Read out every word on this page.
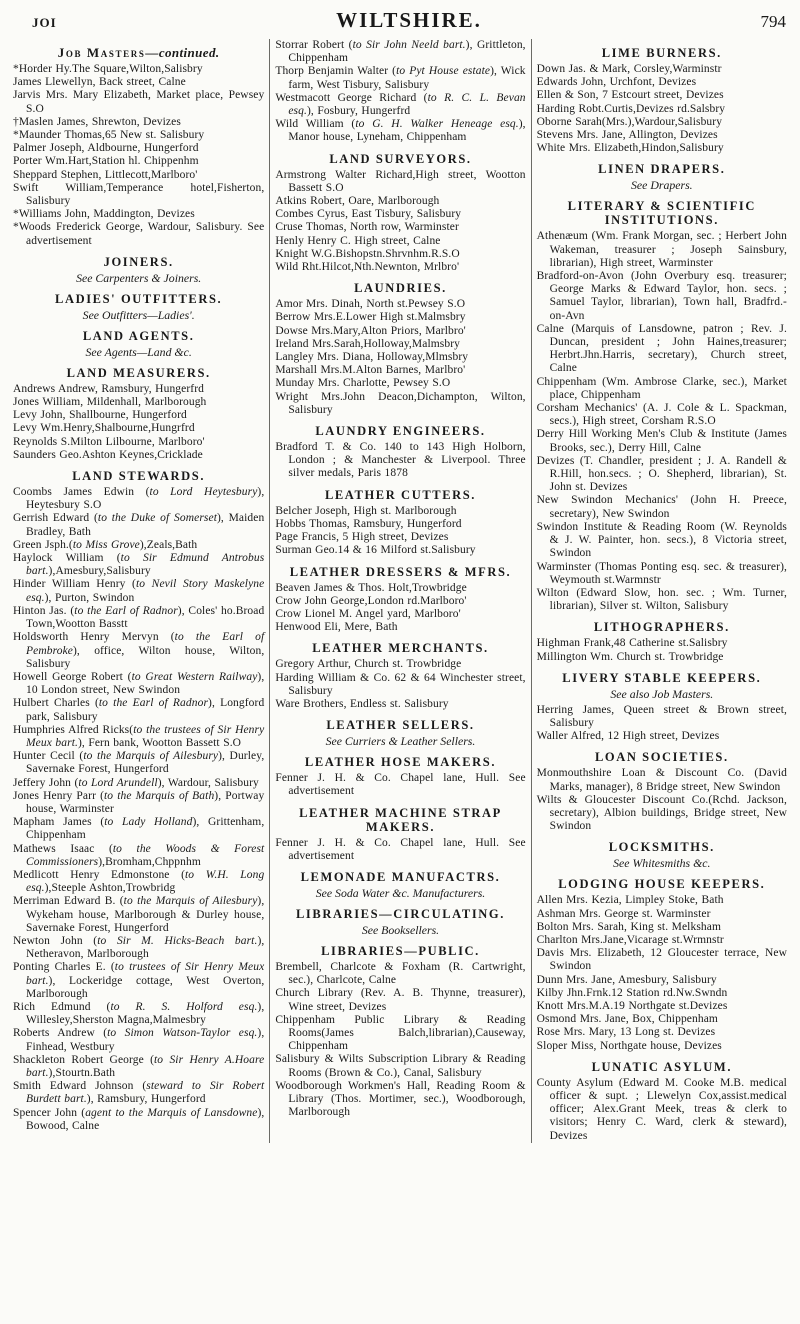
JOI	WILTSHIRE.	794
Job Masters—continued.

*Horder Hy.The Square,Wilton,Salisbry

James Llewellyn, Back street, Calne

Jarvis Mrs. Mary Elizabeth, Market place, Pewsey S.O

†Maslen James, Shrewton, Devizes

*Maunder Thomas,65 New st. Salisbury

Palmer Joseph, Aldbourne, Hungerford

Porter Wm.Hart,Station hl. Chippenhm

Sheppard Stephen, Littlecott,Marlboro'

Swift William,Temperance hotel,Fisherton, Salisbury

*Williams John, Maddington, Devizes

*Woods Frederick George, Wardour, Salisbury. See advertisement

JOINERS.
See Carpenters & Joiners.
LADIES' OUTFITTERS.
See Outfitters—Ladies'.
LAND AGENTS.
See Agents—Land &c.
LAND MEASURERS.

Andrews Andrew, Ramsbury, Hungerfrd

Jones William, Mildenhall, Marlborough

Levy John, Shallbourne, Hungerford

Levy Wm.Henry,Shalbourne,Hungrfrd

Reynolds S.Milton Lilbourne, Marlboro'

Saunders Geo.Ashton Keynes,Cricklade

LAND STEWARDS.

Coombs James Edwin (to Lord Heytesbury), Heytesbury S.O

Gerrish Edward (to the Duke of Somerset), Maiden Bradley, Bath

Green Jsph.(to Miss Grove),Zeals,Bath

Haylock William (to Sir Edmund Antrobus bart.),Amesbury,Salisbury

Hinder William Henry (to Nevil Story Maskelyne esq.), Purton, Swindon

Hinton Jas. (to the Earl of Radnor), Coles' ho.Broad Town,Wootton Basstt

Holdsworth Henry Mervyn (to the Earl of Pembroke), office, Wilton house, Wilton, Salisbury

Howell George Robert (to Great Western Railway), 10 London street, New Swindon

Hulbert Charles (to the Earl of Radnor), Longford park, Salisbury

Humphries Alfred Ricks(to the trustees of Sir Henry Meux bart.), Fern bank, Wootton Bassett S.O

Hunter Cecil (to the Marquis of Ailesbury), Durley, Savernake Forest, Hungerford

Jeffery John (to Lord Arundell), Wardour, Salisbury

Jones Henry Parr (to the Marquis of Bath), Portway house, Warminster

Mapham James (to Lady Holland), Grittenham, Chippenham

Mathews Isaac (to the Woods & Forest Commissioners),Bromham,Chppnhm

Medlicott Henry Edmonstone (to W.H. Long esq.),Steeple Ashton,Trowbridg

Merriman Edward B. (to the Marquis of Ailesbury), Wykeham house, Marlborough & Durley house, Savernake Forest, Hungerford

Newton John (to Sir M. Hicks-Beach bart.), Netheravon, Marlborough

Ponting Charles E. (to trustees of Sir Henry Meux bart.), Lockeridge cottage, West Overton, Marlborough

Rich Edmund (to R. S. Holford esq.), Willesley,Sherston Magna,Malmesbry

Roberts Andrew (to Simon Watson-Taylor esq.), Finhead, Westbury

Shackleton Robert George (to Sir Henry A.Hoare bart.),Stourtn.Bath

Smith Edward Johnson (steward to Sir Robert Burdett bart.), Ramsbury, Hungerford

Spencer John (agent to the Marquis of Lansdowne), Bowood, Calne

Storrar Robert (to Sir John Neeld bart.), Grittleton, Chippenham

Thorp Benjamin Walter (to Pyt House estate), Wick farm, West Tisbury, Salisbury

Westmacott George Richard (to R. C. L. Bevan esq.), Fosbury, Hungerfrd

Wild William (to G. H. Walker Heneage esq.), Manor house, Lyneham, Chippenham

LAND SURVEYORS.

Armstrong Walter Richard,High street, Wootton Bassett S.O

Atkins Robert, Oare, Marlborough

Combes Cyrus, East Tisbury, Salisbury

Cruse Thomas, North row, Warminster

Henly Henry C. High street, Calne

Knight W.G.Bishopstn.Shrvnhm.R.S.O

Wild Rht.Hilcot,Nth.Newnton, Mrlbro'

LAUNDRIES.

Amor Mrs. Dinah, North st.Pewsey S.O

Berrow Mrs.E.Lower High st.Malmsbry

Dowse Mrs.Mary,Alton Priors, Marlbro'

Ireland Mrs.Sarah,Holloway,Malmsbry

Langley Mrs. Diana, Holloway,Mlmsbry

Marshall Mrs.M.Alton Barnes, Marlbro'

Munday Mrs. Charlotte, Pewsey S.O

Wright Mrs.John Deacon,Dichampton, Wilton, Salisbury

LAUNDRY ENGINEERS.

Bradford T. & Co. 140 to 143 High Holborn, London ; & Manchester & Liverpool. Three silver medals, Paris 1878

LEATHER CUTTERS.

Belcher Joseph, High st. Marlborough

Hobbs Thomas, Ramsbury, Hungerford

Page Francis, 5 High street, Devizes

Surman Geo.14 & 16 Milford st.Salisbury

LEATHER DRESSERS & MFRS.

Beaven James & Thos. Holt,Trowbridge

Crow John George,London rd.Marlboro'

Crow Lionel M. Angel yard, Marlboro'

Henwood Eli, Mere, Bath

LEATHER MERCHANTS.

Gregory Arthur, Church st. Trowbridge

Harding William & Co. 62 & 64 Winchester street, Salisbury

Ware Brothers, Endless st. Salisbury

LEATHER SELLERS.
See Curriers & Leather Sellers.
LEATHER HOSE MAKERS.

Fenner J. H. & Co. Chapel lane, Hull. See advertisement

LEATHER MACHINE STRAP MAKERS.

Fenner J. H. & Co. Chapel lane, Hull. See advertisement

LEMONADE MANUFACTRS.
See Soda Water &c. Manufacturers.
LIBRARIES—CIRCULATING.
See Booksellers.
LIBRARIES—PUBLIC.

Brembell, Charlcote & Foxham (R. Cartwright, sec.), Charlcote, Calne

Church Library (Rev. A. B. Thynne, treasurer), Wine street, Devizes

Chippenham Public Library & Reading Rooms(James Balch,librarian),Causeway, Chippenham

Salisbury & Wilts Subscription Library & Reading Rooms (Brown & Co.), Canal, Salisbury

Woodborough Workmen's Hall, Reading Room & Library (Thos. Mortimer, sec.), Woodborough, Marlborough

LIME BURNERS.

Down Jas. & Mark, Corsley,Warminstr

Edwards John, Urchfont, Devizes

Ellen & Son, 7 Estcourt street, Devizes

Harding Robt.Curtis,Devizes rd.Salsbry

Oborne Sarah(Mrs.),Wardour,Salisbury

Stevens Mrs. Jane, Allington, Devizes

White Mrs. Elizabeth,Hindon,Salisbury

LINEN DRAPERS.
See Drapers.
LITERARY & SCIENTIFIC INSTITUTIONS.

Athenæum (Wm. Frank Morgan, sec. ; Herbert John Wakeman, treasurer ; Joseph Sainsbury, librarian), High street, Warminster

Bradford-on-Avon (John Overbury esq. treasurer; George Marks & Edward Taylor, hon. secs. ; Samuel Taylor, librarian), Town hall, Bradfrd.-on-Avn

Calne (Marquis of Lansdowne, patron ; Rev. J. Duncan, president ; John Haines,treasurer; Herbrt.Jhn.Harris, secretary), Church street, Calne

Chippenham (Wm. Ambrose Clarke, sec.), Market place, Chippenham

Corsham Mechanics' (A. J. Cole & L. Spackman, secs.), High street, Corsham R.S.O

Derry Hill Working Men's Club & Institute (James Brooks, sec.), Derry Hill, Calne

Devizes (T. Chandler, president ; J. A. Randell & R.Hill, hon.secs. ; O. Shepherd, librarian), St. John st. Devizes

New Swindon Mechanics' (John H. Preece, secretary), New Swindon

Swindon Institute & Reading Room (W. Reynolds & J. W. Painter, hon. secs.), 8 Victoria street, Swindon

Warminster (Thomas Ponting esq. sec. & treasurer), Weymouth st.Warmnstr

Wilton (Edward Slow, hon. sec. ; Wm. Turner, librarian), Silver st. Wilton, Salisbury

LITHOGRAPHERS.

Highman Frank,48 Catherine st.Salisbry

Millington Wm. Church st. Trowbridge

LIVERY STABLE KEEPERS.
See also Job Masters.

Herring James, Queen street & Brown street, Salisbury

Waller Alfred, 12 High street, Devizes

LOAN SOCIETIES.

Monmouthshire Loan & Discount Co. (David Marks, manager), 8 Bridge street, New Swindon

Wilts & Gloucester Discount Co.(Rchd. Jackson, secretary), Albion buildings, Bridge street, New Swindon

LOCKSMITHS.
See Whitesmiths &c.
LODGING HOUSE KEEPERS.

Allen Mrs. Kezia, Limpley Stoke, Bath

Ashman Mrs. George st. Warminster

Bolton Mrs. Sarah, King st. Melksham

Charlton Mrs.Jane,Vicarage st.Wrmnstr

Davis Mrs. Elizabeth, 12 Gloucester terrace, New Swindon

Dunn Mrs. Jane, Amesbury, Salisbury

Kilby Jhn.Frnk.12 Station rd.Nw.Swndn

Knott Mrs.M.A.19 Northgate st.Devizes

Osmond Mrs. Jane, Box, Chippenham

Rose Mrs. Mary, 13 Long st. Devizes

Sloper Miss, Northgate house, Devizes

LUNATIC ASYLUM.

County Asylum (Edward M. Cooke M.B. medical officer & supt. ; Llewelyn Cox,assist.medical officer; Alex.Grant Meek, treas & clerk to visitors; Henry C. Ward, clerk & steward), Devizes
